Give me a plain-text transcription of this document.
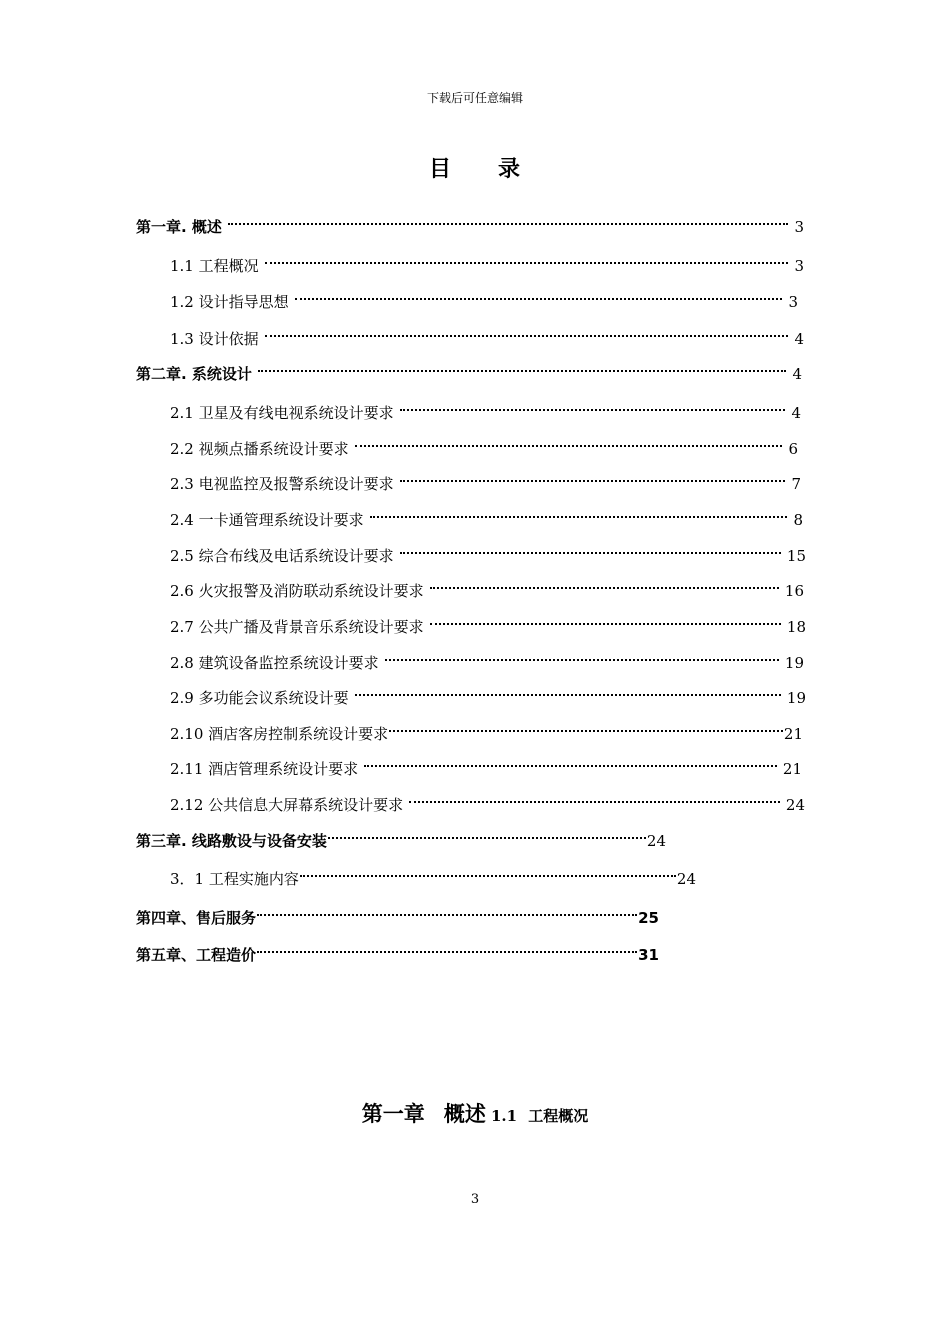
下载后可任意编辑
目 录
第一章. 概述	3
1.1 工程概况	3
1.2 设计指导思想	3
1.3 设计依据	4
第二章. 系统设计	4
2.1 卫星及有线电视系统设计要求	4
2.2 视频点播系统设计要求	6
2.3 电视监控及报警系统设计要求	7
2.4 一卡通管理系统设计要求	8
2.5 综合布线及电话系统设计要求	15
2.6 火灾报警及消防联动系统设计要求	16
2.7 公共广播及背景音乐系统设计要求	18
2.8 建筑设备监控系统设计要求	19
2.9 多功能会议系统设计要	19
2.10 酒店客房控制系统设计要求	21
2.11 酒店管理系统设计要求	21
2.12 公共信息大屏幕系统设计要求	24
第三章. 线路敷设与设备安装	24
3．1 工程实施内容	24
第四章、售后服务	25
第五章、工程造价	31
第一章 概述 1.1 工程概况
3
